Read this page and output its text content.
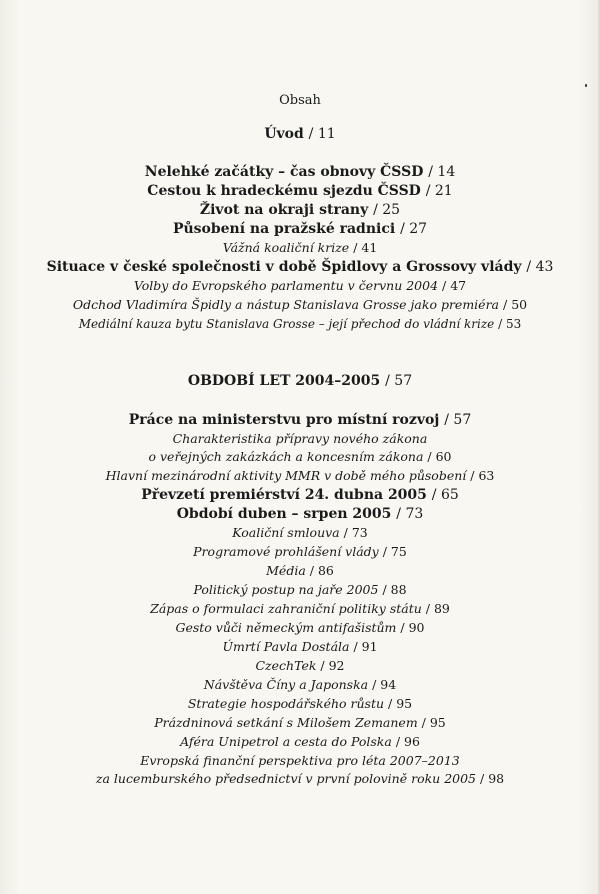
Obsah
Úvod / 11
Nelehké začátky – čas obnovy ČSSD / 14
Cestou k hradeckému sjezdu ČSSD / 21
Život na okraji strany / 25
Působení na pražské radnici / 27
Vážná koaliční krize / 41
Situace v české společnosti v době Špidlovy a Grossovy vlády / 43
Volby do Evropského parlamentu v červnu 2004 / 47
Odchod Vladimíra Špidly a nástup Stanislava Grosse jako premiéra / 50
Mediální kauza bytu Stanislava Grosse – její přechod do vládní krize / 53
OBDOBÍ LET 2004–2005 / 57
Práce na ministerstvu pro místní rozvoj / 57
Charakteristika přípravy nového zákona
o veřejných zakázkách a koncesním zákona / 60
Hlavní mezinárodní aktivity MMR v době mého působení / 63
Převzetí premiérství 24. dubna 2005 / 65
Období duben – srpen 2005 / 73
Koaliční smlouva / 73
Programové prohlášení vlády / 75
Média / 86
Politický postup na jaře 2005 / 88
Zápas o formulaci zahraniční politiky státu / 89
Gesto vůči německým antifašistům / 90
Úmrtí Pavla Dostála / 91
CzechTek / 92
Návštěva Číny a Japonska / 94
Strategie hospodářského růstu / 95
Prázdninová setkání s Milošem Zemanem / 95
Aféra Unipetrol a cesta do Polska / 96
Evropská finanční perspektiva pro léta 2007–2013
za lucemburského předsednictví v první polovině roku 2005 / 98
